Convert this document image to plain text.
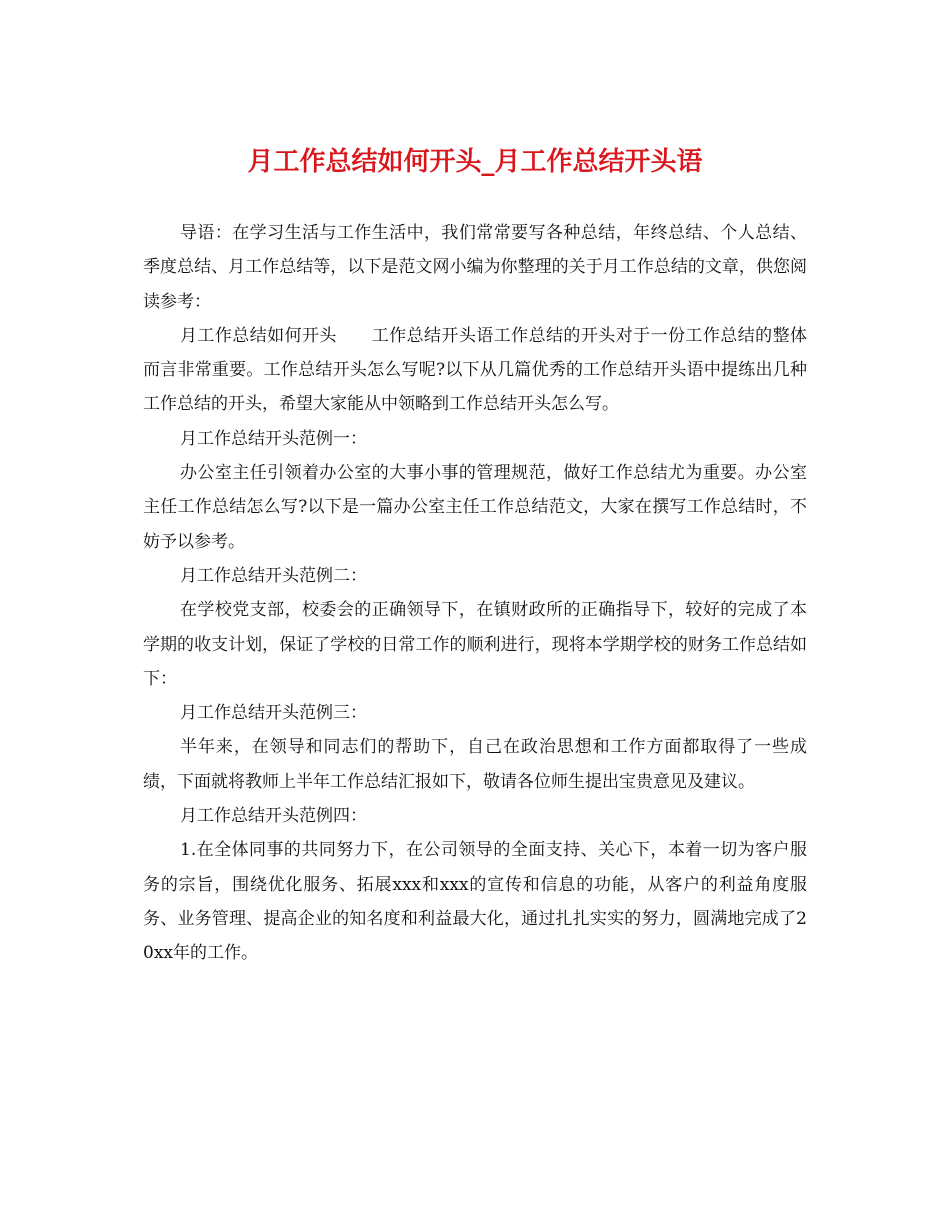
月工作总结如何开头_月工作总结开头语

导语：在学习生活与工作生活中，我们常常要写各种总结，年终总结、个人总结、季度总结、月工作总结等，以下是范文网小编为你整理的关于月工作总结的文章，供您阅读参考：

月工作总结如何开头　　工作总结开头语工作总结的开头对于一份工作总结的整体而言非常重要。工作总结开头怎么写呢?以下从几篇优秀的工作总结开头语中提练出几种工作总结的开头，希望大家能从中领略到工作总结开头怎么写。

月工作总结开头范例一：

办公室主任引领着办公室的大事小事的管理规范，做好工作总结尤为重要。办公室主任工作总结怎么写?以下是一篇办公室主任工作总结范文，大家在撰写工作总结时，不妨予以参考。

月工作总结开头范例二：

在学校党支部，校委会的正确领导下，在镇财政所的正确指导下，较好的完成了本学期的收支计划，保证了学校的日常工作的顺利进行，现将本学期学校的财务工作总结如下：

月工作总结开头范例三：

半年来，在领导和同志们的帮助下，自己在政治思想和工作方面都取得了一些成绩，下面就将教师上半年工作总结汇报如下，敬请各位师生提出宝贵意见及建议。

月工作总结开头范例四：

1.在全体同事的共同努力下，在公司领导的全面支持、关心下，本着一切为客户服务的宗旨，围绕优化服务、拓展xxx和xxx的宣传和信息的功能，从客户的利益角度服务、业务管理、提高企业的知名度和利益最大化，通过扎扎实实的努力，圆满地完成了20xx年的工作。
